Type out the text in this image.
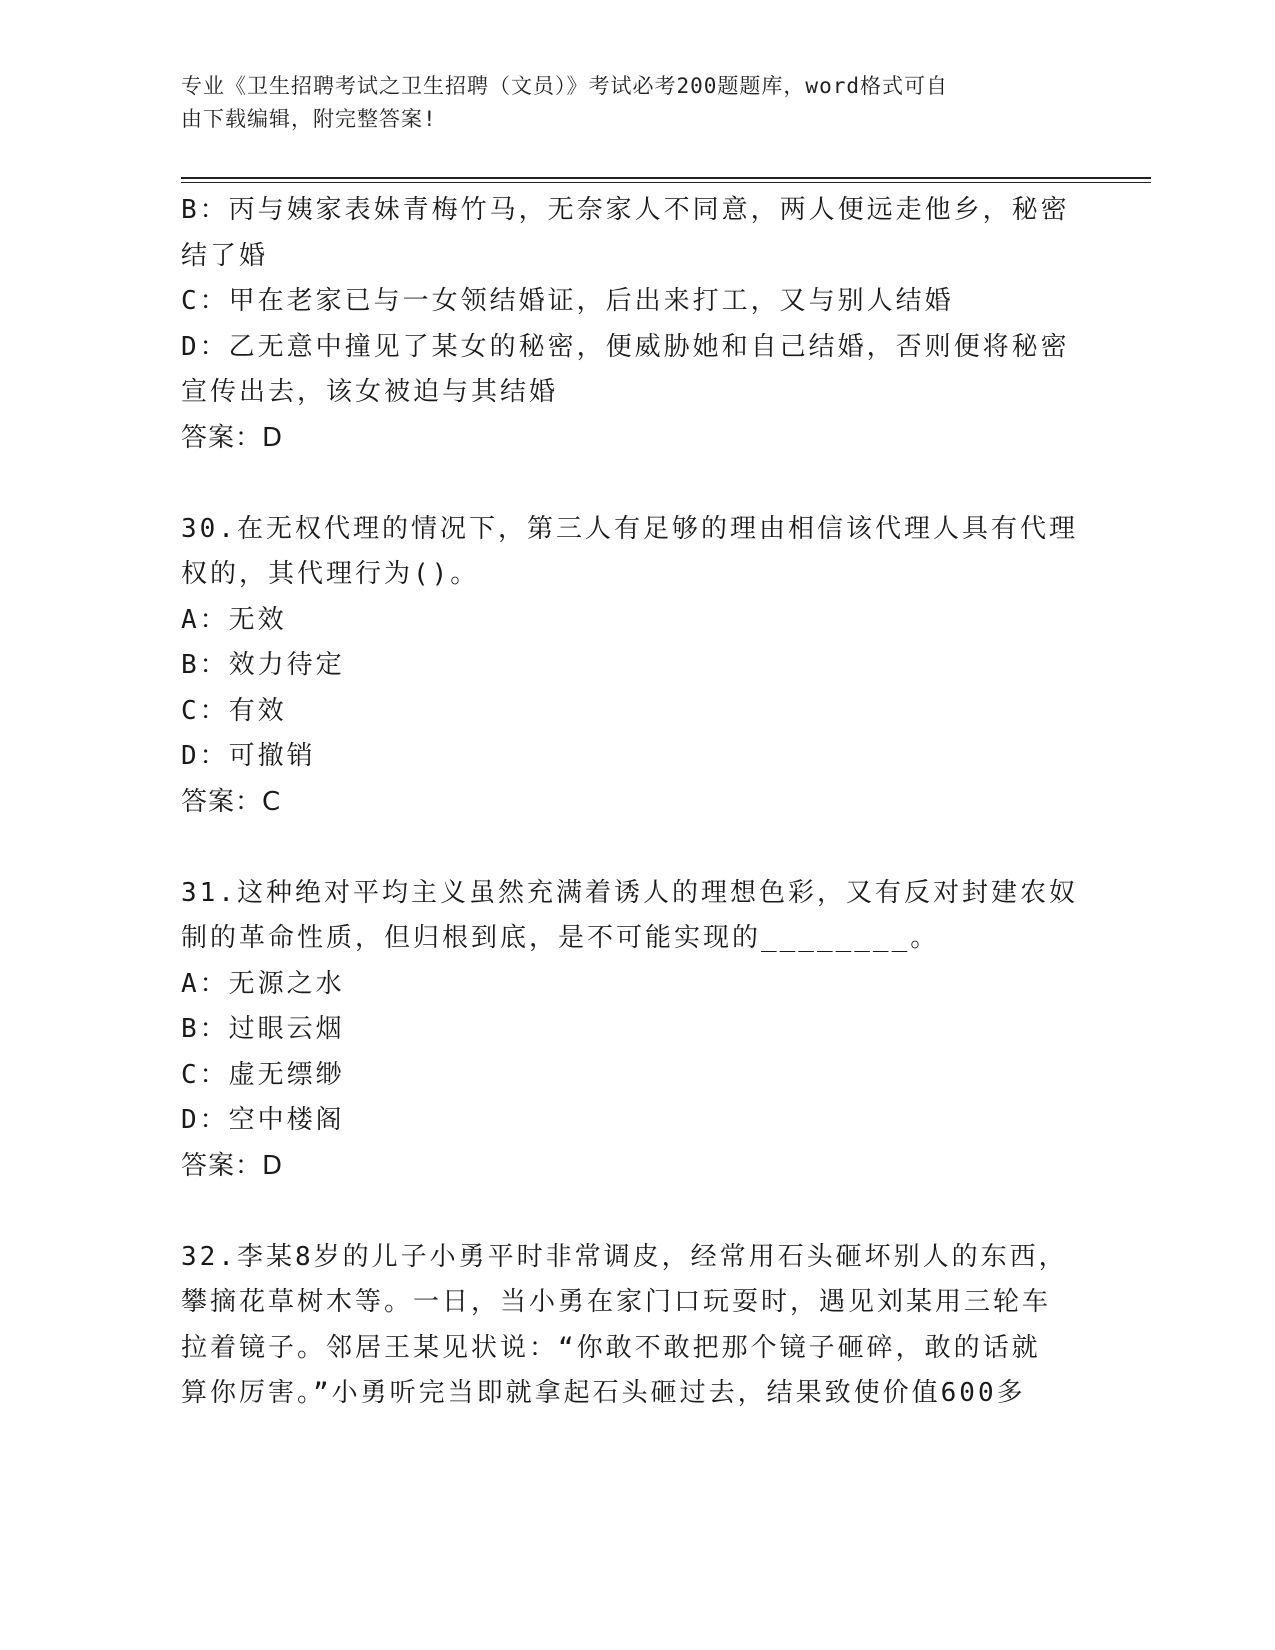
专业《卫生招聘考试之卫生招聘（文员）》考试必考200题题库，word格式可自
由下载编辑，附完整答案!
B：丙与姨家表妹青梅竹马，无奈家人不同意，两人便远走他乡，秘密
结了婚
C：甲在老家已与一女领结婚证，后出来打工，又与别人结婚
D：乙无意中撞见了某女的秘密，便威胁她和自己结婚，否则便将秘密
宣传出去，该女被迫与其结婚
答案：D
30.在无权代理的情况下，第三人有足够的理由相信该代理人具有代理
权的，其代理行为()。
A：无效
B：效力待定
C：有效
D：可撤销
答案：C
31.这种绝对平均主义虽然充满着诱人的理想色彩，又有反对封建农奴
制的革命性质，但归根到底，是不可能实现的________。
A：无源之水
B：过眼云烟
C：虚无缥缈
D：空中楼阁
答案：D
32.李某8岁的儿子小勇平时非常调皮，经常用石头砸坏别人的东西，
攀摘花草树木等。一日，当小勇在家门口玩耍时，遇见刘某用三轮车
拉着镜子。邻居王某见状说：“你敢不敢把那个镜子砸碎，敢的话就
算你厉害。”小勇听完当即就拿起石头砸过去，结果致使价值600多
